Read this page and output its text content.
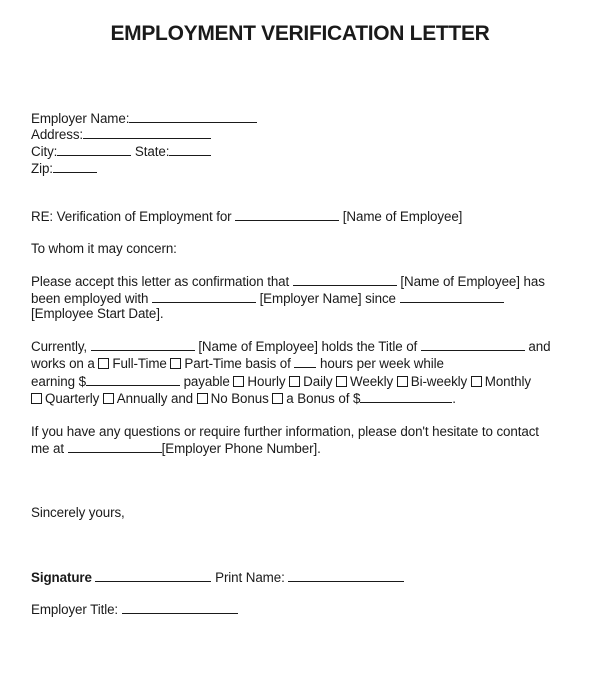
EMPLOYMENT VERIFICATION LETTER
Employer Name:
Address:
City:	State:
Zip:
RE: Verification of Employment for	[Name of Employee]
To whom it may concern:
Please accept this letter as confirmation that	[Name of Employee] has
been employed with	[Employer Name] since
[Employee Start Date].
Currently,	[Name of Employee] holds the Title of	and
works on a Full-Time Part-Time basis of hours per week while
earning $	payable Hourly Daily Weekly Bi-weekly Monthly
Quarterly Annually and No Bonus a Bonus of $	.
If you have any questions or require further information, please don't hesitate to contact
me at	[Employer Phone Number].
Sincerely yours,
Signature	Print Name:
Employer Title:
